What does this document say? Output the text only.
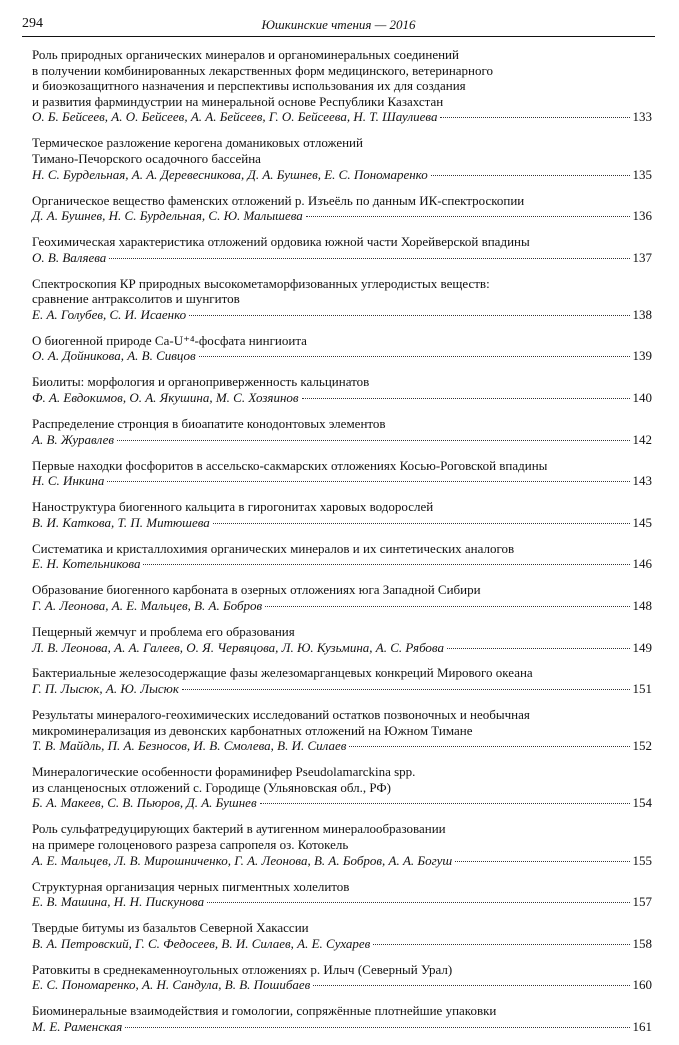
294	Юшкинские чтения — 2016
Роль природных органических минералов и органоминеральных соединений
в получении комбинированных лекарственных форм медицинского, ветеринарного
и биоэкозащитного назначения и перспективы использования их для создания
и развития фарминдустрии на минеральной основе Республики Казахстан
О. Б. Бейсеев, А. О. Бейсеев, А. А. Бейсеев, Г. О. Бейсеева, Н. Т. Шаулиева	133
Термическое разложение керогена доманиковых отложений
Тимано-Печорского осадочного бассейна
Н. С. Бурдельная, А. А. Деревесникова, Д. А. Бушнев, Е. С. Пономаренко	135
Органическое вещество фаменских отложений р. Изъеёль по данным ИК-спектроскопии
Д. А. Бушнев, Н. С. Бурдельная, С. Ю. Малышева	136
Геохимическая характеристика отложений ордовика южной части Хорейверской впадины
О. В. Валяева	137
Спектроскопия КР природных высокометаморфизованных углеродистых веществ:
сравнение антраксолитов и шунгитов
Е. А. Голубев, С. И. Исаенко	138
О биогенной природе Ca-U⁺⁴-фосфата нингиоита
О. А. Дойникова, А. В. Сивцов	139
Биолиты: морфология и органоприверженность кальцинатов
Ф. А. Евдокимов, О. А. Якушина, М. С. Хозяинов	140
Распределение стронция в биоапатите конодонтовых элементов
А. В. Журавлев	142
Первые находки фосфоритов в ассельско-сакмарских отложениях Косью-Роговской впадины
Н. С. Инкина	143
Наноструктура биогенного кальцита в гирогонитах харовых водорослей
В. И. Каткова, Т. П. Митюшева	145
Систематика и кристаллохимия органических минералов и их синтетических аналогов
Е. Н. Котельникова	146
Образование биогенного карбоната в озерных отложениях юга Западной Сибири
Г. А. Леонова, А. Е. Мальцев, В. А. Бобров	148
Пещерный жемчуг и проблема его образования
Л. В. Леонова, А. А. Галеев, О. Я. Червяцова, Л. Ю. Кузьмина, А. С. Рябова	149
Бактериальные железосодержащие фазы железомарганцевых конкреций Мирового океана
Г. П. Лысюк, А. Ю. Лысюк	151
Результаты минералого-геохимических исследований остатков позвоночных и необычная
микроминерализация из девонских карбонатных отложений на Южном Тимане
Т. В. Майдль, П. А. Безносов, И. В. Смолева, В. И. Силаев	152
Минералогические особенности фораминифер Pseudolamarckina spp.
из сланценосных отложений с. Городище (Ульяновская обл., РФ)
Б. А. Макеев, С. В. Пьюров, Д. А. Бушнев	154
Роль сульфатредуцирующих бактерий в аутигенном минералообразовании
на примере голоценового разреза сапропеля оз. Котокель
А. Е. Мальцев, Л. В. Мирошниченко, Г. А. Леонова, В. А. Бобров, А. А. Богуш	155
Структурная организация черных пигментных холелитов
Е. В. Машина, Н. Н. Пискунова	157
Твердые битумы из базальтов Северной Хакассии
В. А. Петровский, Г. С. Федосеев, В. И. Силаев, А. Е. Сухарев	158
Ратовкиты в среднекаменноугольных отложениях р. Илыч (Северный Урал)
Е. С. Пономаренко, А. Н. Сандула, В. В. Пошибаев	160
Биоминеральные взаимодействия и гомологии, сопряжённые плотнейшие упаковки
М. Е. Раменская	161
